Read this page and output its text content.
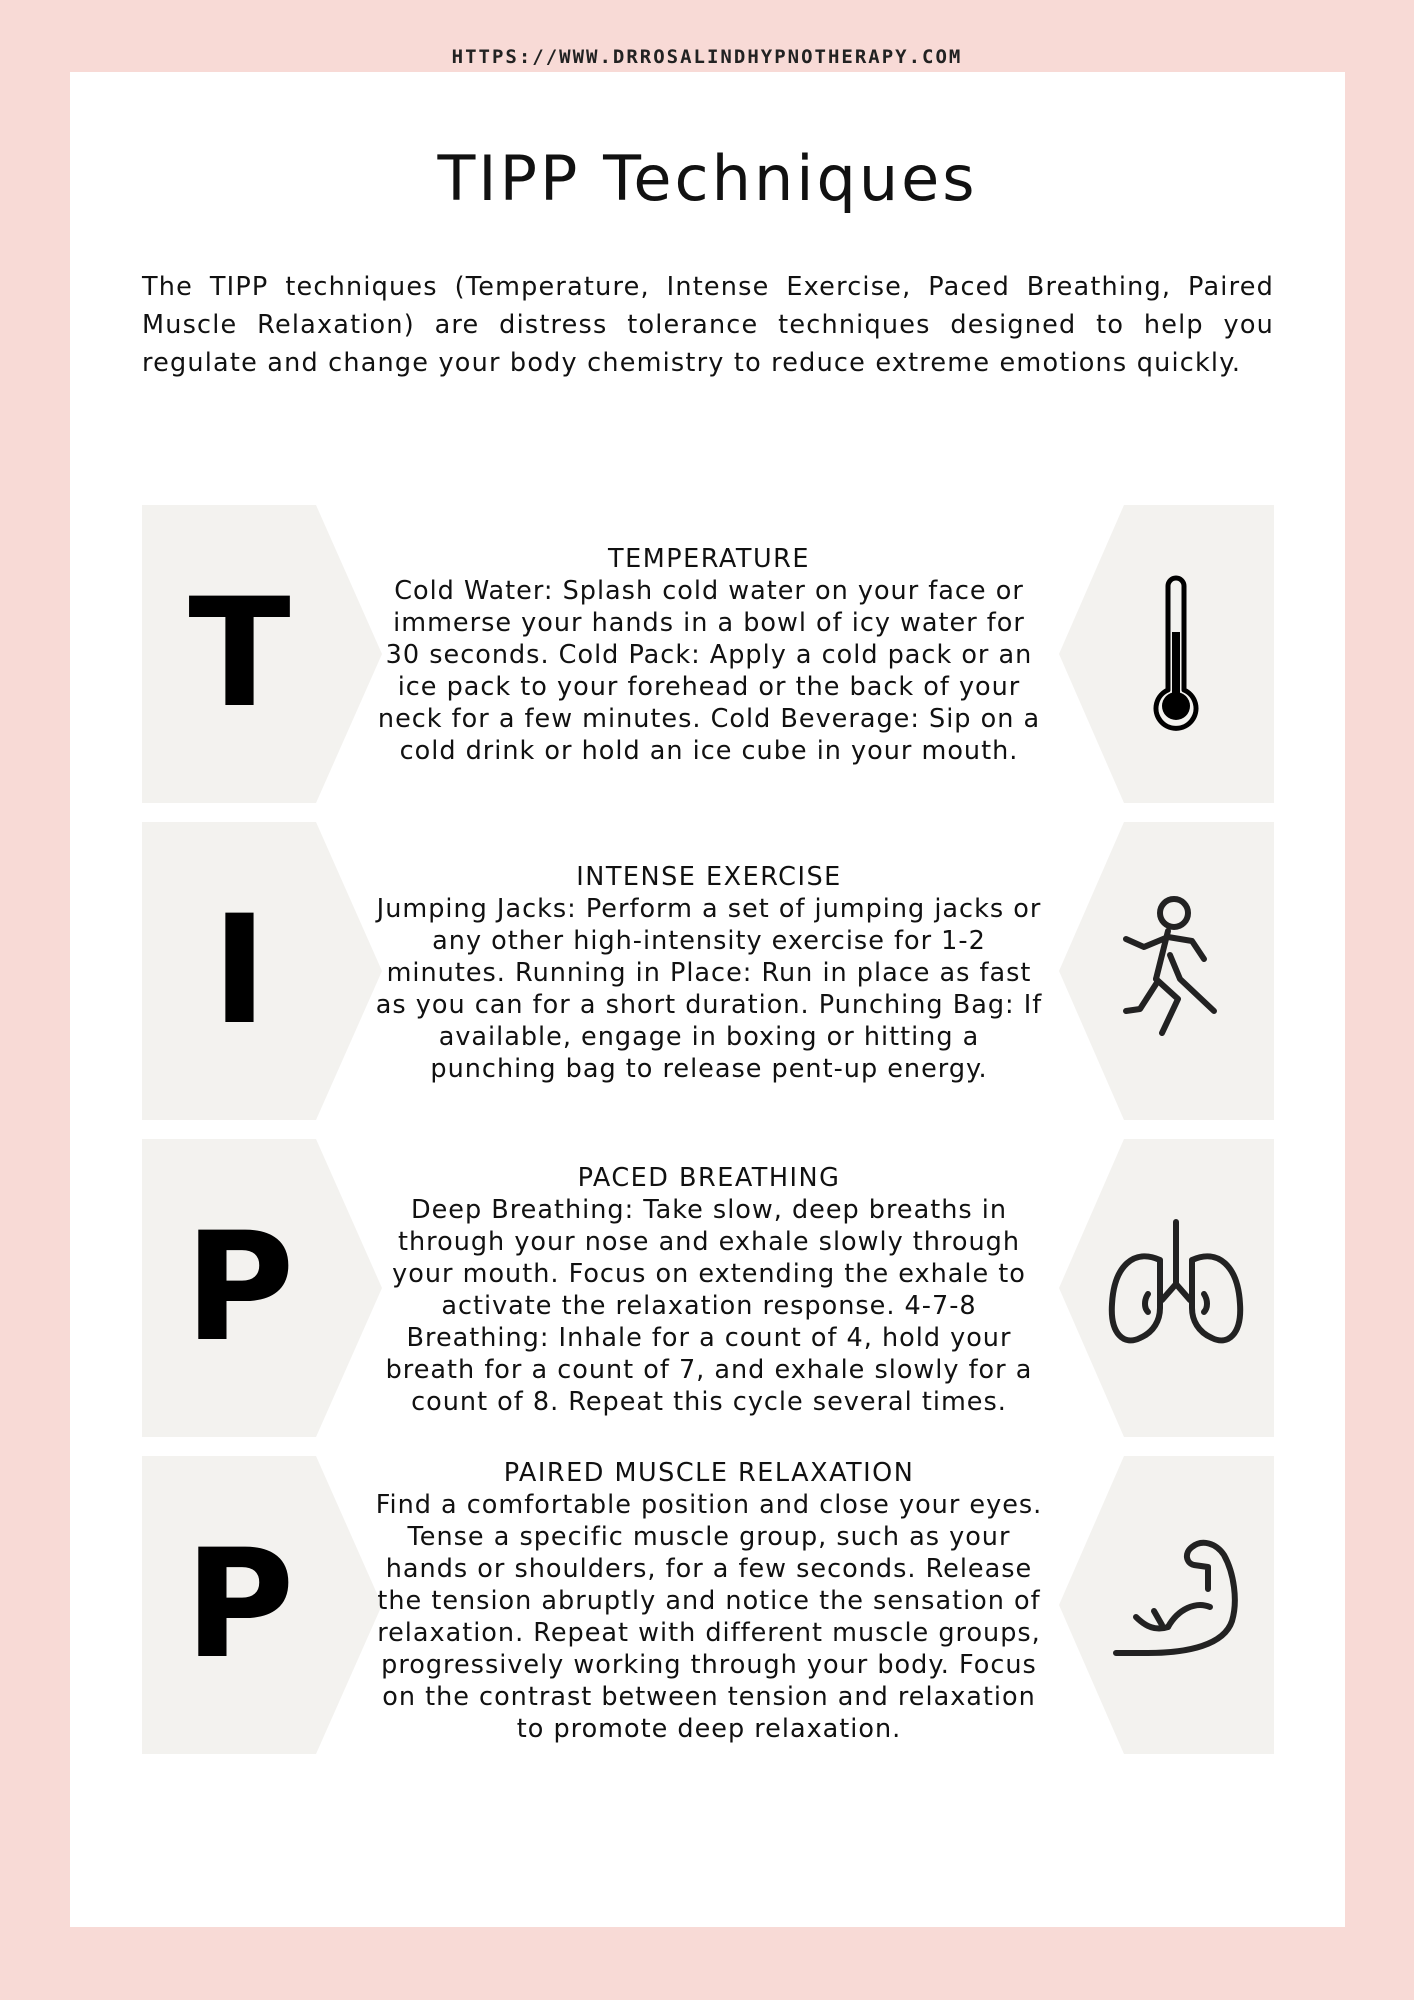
HTTPS://WWW.DRROSALINDHYPNOTHERAPY.COM
TIPP Techniques
The TIPP techniques (Temperature, Intense Exercise, Paced Breathing, Paired Muscle Relaxation) are distress tolerance techniques designed to help you regulate and change your body chemistry to reduce extreme emotions quickly.
T
TEMPERATURE
Cold Water: Splash cold water on your face or immerse your hands in a bowl of icy water for 30 seconds. Cold Pack: Apply a cold pack or an ice pack to your forehead or the back of your neck for a few minutes. Cold Beverage: Sip on a cold drink or hold an ice cube in your mouth.
I
INTENSE EXERCISE
Jumping Jacks: Perform a set of jumping jacks or any other high-intensity exercise for 1-2 minutes. Running in Place: Run in place as fast as you can for a short duration. Punching Bag: If available, engage in boxing or hitting a punching bag to release pent-up energy.
P
PACED BREATHING
Deep Breathing: Take slow, deep breaths in through your nose and exhale slowly through your mouth. Focus on extending the exhale to activate the relaxation response. 4-7-8 Breathing: Inhale for a count of 4, hold your breath for a count of 7, and exhale slowly for a count of 8. Repeat this cycle several times.
P
PAIRED MUSCLE RELAXATION
Find a comfortable position and close your eyes. Tense a specific muscle group, such as your hands or shoulders, for a few seconds. Release the tension abruptly and notice the sensation of relaxation. Repeat with different muscle groups, progressively working through your body. Focus on the contrast between tension and relaxation to promote deep relaxation.
